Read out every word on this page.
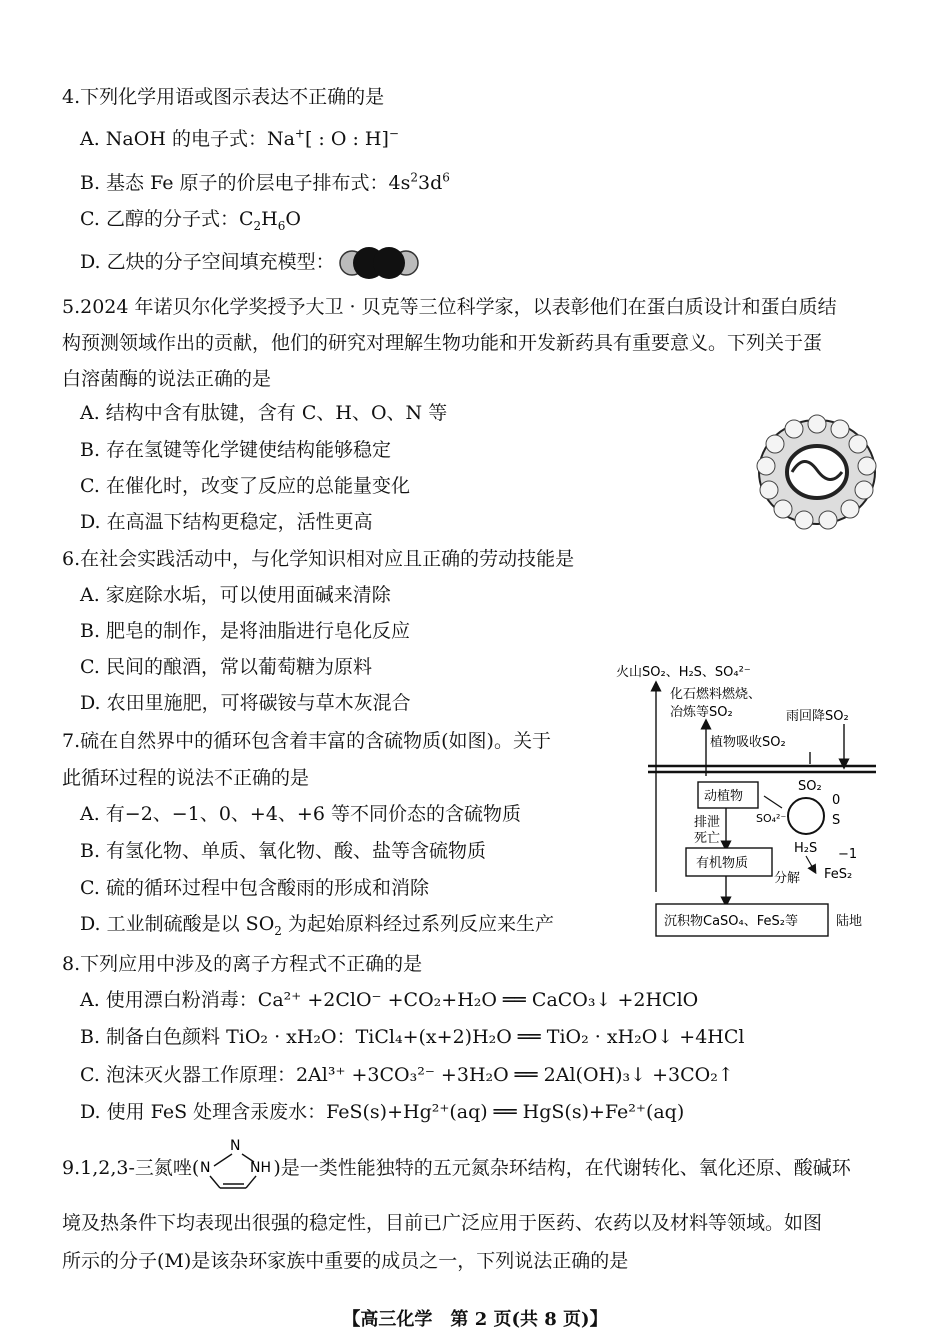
4.下列化学用语或图示表达不正确的是
A. NaOH 的电子式：Na+[ : O : H]−
B. 基态 Fe 原子的价层电子排布式：$4s^23d^6$
C. 乙醇的分子式：$C_2H_6O$
D. 乙炔的分子空间填充模型：
5.2024 年诺贝尔化学奖授予大卫 · 贝克等三位科学家，以表彰他们在蛋白质设计和蛋白质结
构预测领域作出的贡献，他们的研究对理解生物功能和开发新药具有重要意义。下列关于蛋
白溶菌酶的说法正确的是
A. 结构中含有肽键，含有 C、H、O、N 等
B. 存在氢键等化学键使结构能够稳定
C. 在催化时，改变了反应的总能量变化
D. 在高温下结构更稳定，活性更高
6.在社会实践活动中，与化学知识相对应且正确的劳动技能是
A. 家庭除水垢，可以使用面碱来清除
B. 肥皂的制作，是将油脂进行皂化反应
C. 民间的酿酒，常以葡萄糖为原料
D. 农田里施肥，可将碳铵与草木灰混合
7.硫在自然界中的循环包含着丰富的含硫物质(如图)。关于
此循环过程的说法不正确的是
A. 有−2、−1、0、+4、+6 等不同价态的含硫物质
B. 有氢化物、单质、氧化物、酸、盐等含硫物质
C. 硫的循环过程中包含酸雨的形成和消除
D. 工业制硫酸是以 $SO_2$ 为起始原料经过系列反应来生产
火山SO₂、H₂S、SO₄²⁻
化石燃料燃烧、
冶炼等SO₂	雨回降SO₂
植物吸收SO₂
动植物
排泄
死亡
有机物质
分解
SO₂
SO₄²⁻
0
S
H₂S −1
FeS₂
沉积物CaSO₄、FeS₂等	陆地
8.下列应用中涉及的离子方程式不正确的是
A. 使用漂白粉消毒：Ca²⁺ +2ClO⁻ +CO₂+H₂O ══ CaCO₃↓ +2HClO
B. 制备白色颜料 TiO₂ · xH₂O：TiCl₄+(x+2)H₂O ══ TiO₂ · xH₂O↓ +4HCl
C. 泡沫灭火器工作原理：2Al³⁺ +3CO₃²⁻ +3H₂O ══ 2Al(OH)₃↓ +3CO₂↑
D. 使用 FeS 处理含汞废水：FeS(s)+Hg²⁺(aq) ══ HgS(s)+Fe²⁺(aq)
9.1,2,3-三氮唑(	)是一类性能独特的五元氮杂环结构，在代谢转化、氧化还原、酸碱环
N
N	NH
境及热条件下均表现出很强的稳定性，目前已广泛应用于医药、农药以及材料等领域。如图
所示的分子(M)是该杂环家族中重要的成员之一，下列说法正确的是
【高三化学　第 2 页(共 8 页)】
